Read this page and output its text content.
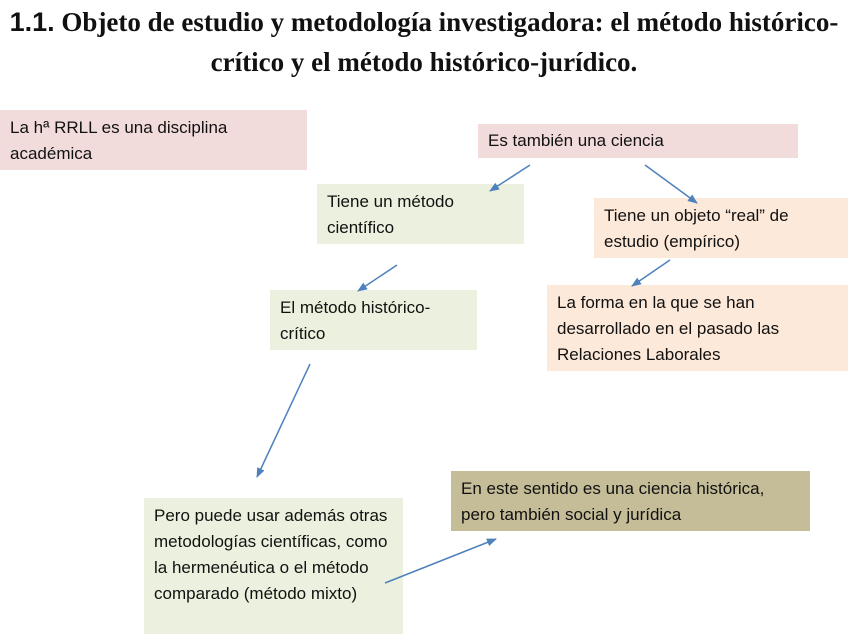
1.1. Objeto de estudio y metodología investigadora: el método histórico-crítico y el método histórico-jurídico.
La hª RRLL es una disciplina académica
Es también una ciencia
Tiene un método científico
Tiene un objeto “real” de estudio (empírico)
El método histórico-crítico
La forma en la que se han desarrollado en el pasado las Relaciones Laborales
Pero puede usar además otras metodologías científicas, como la hermenéutica o el método comparado (método mixto)
En este sentido es una ciencia histórica, pero también social y jurídica
